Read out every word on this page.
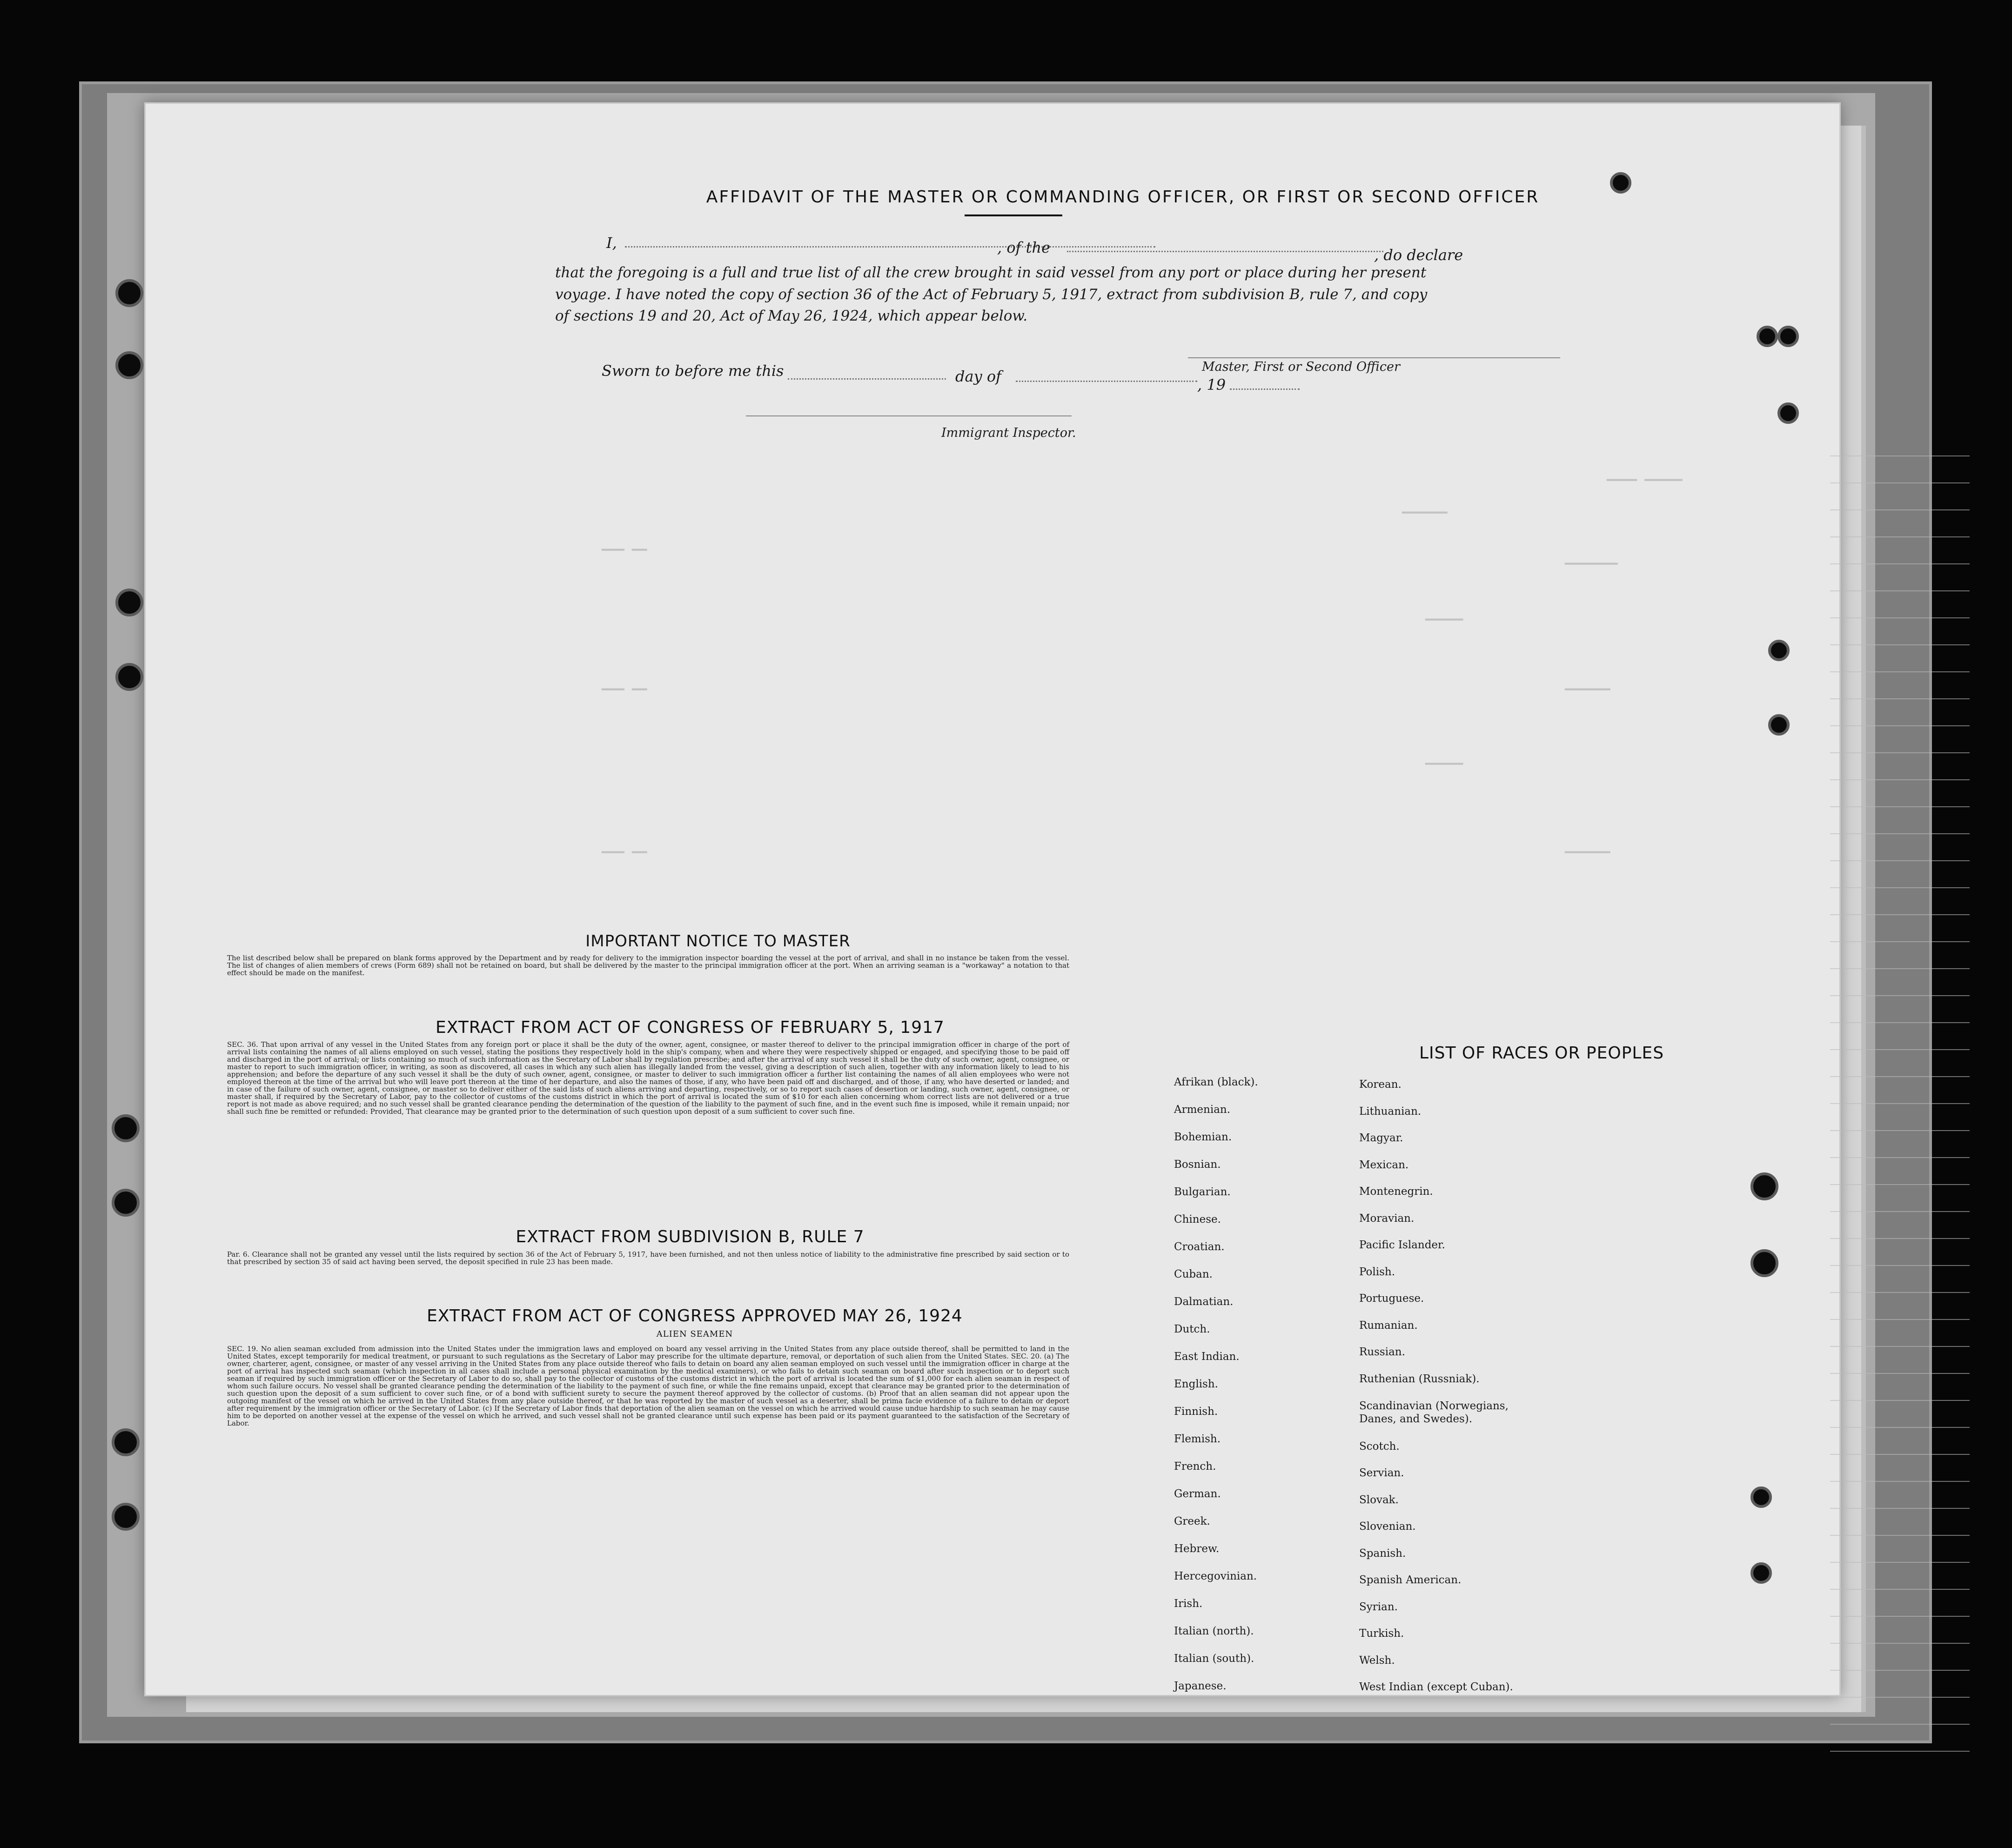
▁▁▁▁ ▁▁▁▁▁
▁▁▁▁▁▁
▁▁▁▁▁▁▁
▁▁▁▁▁
▁▁▁▁▁▁
▁▁▁▁▁
▁▁▁▁▁▁
▁▁▁ ▁▁
▁▁▁ ▁▁
▁▁▁ ▁▁
AFFIDAVIT OF THE MASTER OR COMMANDING OFFICER, OR FIRST OR SECOND OFFICER
I,	, of the	, do declare
that the foregoing is a full and true list of all the crew brought in said vessel from any port or place during her present
voyage. I have noted the copy of section 36 of the Act of February 5, 1917, extract from subdivision B, rule 7, and copy
of sections 19 and 20, Act of May 26, 1924, which appear below.
Master, First or Second Officer
Sworn to before me this	day of	, 19
Immigrant Inspector.
IMPORTANT NOTICE TO MASTER
The list described below shall be prepared on blank forms approved by the Department and by ready for delivery to the immigration inspector boarding the vessel at the port of arrival, and shall in no instance be taken from the vessel. The list of changes of alien members of crews (Form 689) shall not be retained on board, but shall be delivered by the master to the principal immigration officer at the port. When an arriving seaman is a "workaway" a notation to that effect should be made on the manifest.
EXTRACT FROM ACT OF CONGRESS OF FEBRUARY 5, 1917
SEC. 36. That upon arrival of any vessel in the United States from any foreign port or place it shall be the duty of the owner, agent, consignee, or master thereof to deliver to the principal immigration officer in charge of the port of arrival lists containing the names of all aliens employed on such vessel, stating the positions they respectively hold in the ship's company, when and where they were respectively shipped or engaged, and specifying those to be paid off and discharged in the port of arrival; or lists containing so much of such information as the Secretary of Labor shall by regulation prescribe; and after the arrival of any such vessel it shall be the duty of such owner, agent, consignee, or master to report to such immigration officer, in writing, as soon as discovered, all cases in which any such alien has illegally landed from the vessel, giving a description of such alien, together with any information likely to lead to his apprehension; and before the departure of any such vessel it shall be the duty of such owner, agent, consignee, or master to deliver to such immigration officer a further list containing the names of all alien employees who were not employed thereon at the time of the arrival but who will leave port thereon at the time of her departure, and also the names of those, if any, who have been paid off and discharged, and of those, if any, who have deserted or landed; and in case of the failure of such owner, agent, consignee, or master so to deliver either of the said lists of such aliens arriving and departing, respectively, or so to report such cases of desertion or landing, such owner, agent, consignee, or master shall, if required by the Secretary of Labor, pay to the collector of customs of the customs district in which the port of arrival is located the sum of $10 for each alien concerning whom correct lists are not delivered or a true report is not made as above required; and no such vessel shall be granted clearance pending the determination of the question of the liability to the payment of such fine, and in the event such fine is imposed, while it remain unpaid; nor shall such fine be remitted or refunded: Provided, That clearance may be granted prior to the determination of such question upon deposit of a sum sufficient to cover such fine.
EXTRACT FROM SUBDIVISION B, RULE 7
Par. 6. Clearance shall not be granted any vessel until the lists required by section 36 of the Act of February 5, 1917, have been furnished, and not then unless notice of liability to the administrative fine prescribed by said section or to that prescribed by section 35 of said act having been served, the deposit specified in rule 23 has been made.
EXTRACT FROM ACT OF CONGRESS APPROVED MAY 26, 1924
ALIEN SEAMEN
SEC. 19. No alien seaman excluded from admission into the United States under the immigration laws and employed on board any vessel arriving in the United States from any place outside thereof, shall be permitted to land in the United States, except temporarily for medical treatment, or pursuant to such regulations as the Secretary of Labor may prescribe for the ultimate departure, removal, or deportation of such alien from the United States. SEC. 20. (a) The owner, charterer, agent, consignee, or master of any vessel arriving in the United States from any place outside thereof who fails to detain on board any alien seaman employed on such vessel until the immigration officer in charge at the port of arrival has inspected such seaman (which inspection in all cases shall include a personal physical examination by the medical examiners), or who fails to detain such seaman on board after such inspection or to deport such seaman if required by such immigration officer or the Secretary of Labor to do so, shall pay to the collector of customs of the customs district in which the port of arrival is located the sum of $1,000 for each alien seaman in respect of whom such failure occurs. No vessel shall be granted clearance pending the determination of the liability to the payment of such fine, or while the fine remains unpaid, except that clearance may be granted prior to the determination of such question upon the deposit of a sum sufficient to cover such fine, or of a bond with sufficient surety to secure the payment thereof approved by the collector of customs. (b) Proof that an alien seaman did not appear upon the outgoing manifest of the vessel on which he arrived in the United States from any place outside thereof, or that he was reported by the master of such vessel as a deserter, shall be prima facie evidence of a failure to detain or deport after requirement by the immigration officer or the Secretary of Labor. (c) If the Secretary of Labor finds that deportation of the alien seaman on the vessel on which he arrived would cause undue hardship to such seaman he may cause him to be deported on another vessel at the expense of the vessel on which he arrived, and such vessel shall not be granted clearance until such expense has been paid or its payment guaranteed to the satisfaction of the Secretary of Labor.
LIST OF RACES OR PEOPLES
Afrikan (black).
Armenian.
Bohemian.
Bosnian.
Bulgarian.
Chinese.
Croatian.
Cuban.
Dalmatian.
Dutch.
East Indian.
English.
Finnish.
Flemish.
French.
German.
Greek.
Hebrew.
Hercegovinian.
Irish.
Italian (north).
Italian (south).
Japanese.
Korean.
Lithuanian.
Magyar.
Mexican.
Montenegrin.
Moravian.
Pacific Islander.
Polish.
Portuguese.
Rumanian.
Russian.
Ruthenian (Russniak).
Scandinavian (Norwegians, Danes, and Swedes).
Scotch.
Servian.
Slovak.
Slovenian.
Spanish.
Spanish American.
Syrian.
Turkish.
Welsh.
West Indian (except Cuban).
